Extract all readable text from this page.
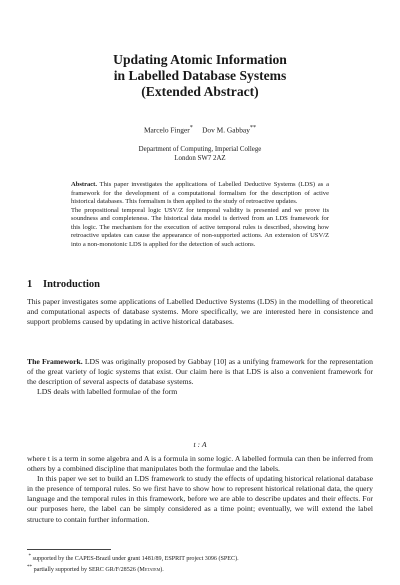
Updating Atomic Information
in Labelled Database Systems
(Extended Abstract)
Marcelo Finger* Dov M. Gabbay**
Department of Computing, Imperial College
London SW7 2AZ

Abstract. This paper investigates the applications of Labelled Deductive Systems (LDS) as a framework for the development of a computational formalism for the description of active historical databases. This formalism is then applied to the study of retroactive updates.

The propositional temporal logic USV/Z for temporal validity is presented and we prove its soundness and completeness. The historical data model is derived from an LDS framework for this logic. The mechanism for the execution of active temporal rules is described, showing how retroactive updates can cause the appearance of non-supported actions. An extension of USV/Z into a non-monotonic LDS is applied for the detection of such actions.

1 Introduction

This paper investigates some applications of Labelled Deductive Systems (LDS) in the modelling of theoretical and computational aspects of database systems. More specifically, we are interested here in consistence and support problems caused by updating in active historical databases.

The Framework. LDS was originally proposed by Gabbay [10] as a unifying framework for the representation of the great variety of logic systems that exist. Our claim here is that LDS is also a convenient framework for the description of several aspects of database systems.

LDS deals with labelled formulae of the form

t : A

where t is a term in some algebra and A is a formula in some logic. A labelled formula can then be inferred from others by a combined discipline that manipulates both the formulae and the labels.

In this paper we set to build an LDS framework to study the effects of updating historical relational database in the presence of temporal rules. So we first have to show how to represent historical relational data, the query language and the temporal rules in this framework, before we are able to describe updates and their effects. For our purposes here, the label can be simply considered as a time point; eventually, we will extend the label structure to contain further information.

* supported by the CAPES-Brazil under grant 1481/89, ESPRIT project 3096 (SPEC).
** partially supported by SERC GR/F/28526 (Metatem).
